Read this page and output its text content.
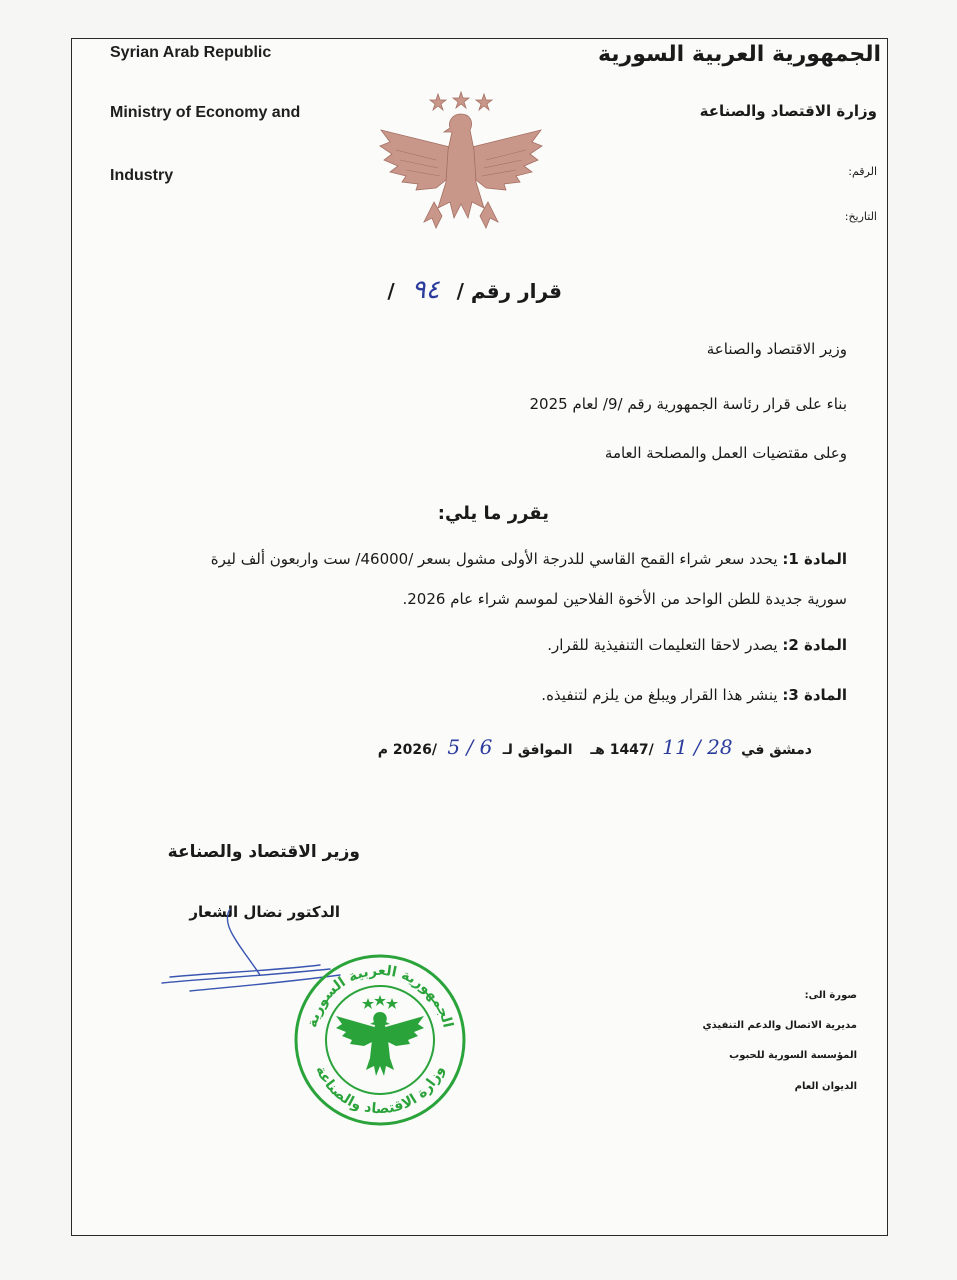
Syrian Arab Republic
Ministry of Economy and
Industry
الجمهورية العربية السورية
وزارة الاقتصاد والصناعة
الرقم:
التاريخ:
قرار رقم / ٩٤ /
وزير الاقتصاد والصناعة
بناء على قرار رئاسة الجمهورية رقم /9/ لعام 2025
وعلى مقتضيات العمل والمصلحة العامة
يقرر ما يلي:
المادة 1: يحدد سعر شراء القمح القاسي للدرجة الأولى مشول بسعر /46000/ ست واربعون ألف ليرة
سورية جديدة للطن الواحد من الأخوة الفلاحين لموسم شراء عام 2026.
المادة 2: يصدر لاحقا التعليمات التنفيذية للقرار.
المادة 3: ينشر هذا القرار ويبلغ من يلزم لتنفيذه.
دمشق في 28 / 11 /1447 هـ    الموافق لـ 6 / 5 /2026 م
وزير الاقتصاد والصناعة
الدكتور نضال الشعار
الجمهورية العربية السورية
وزارة الاقتصاد والصناعة
صورة الى:
مديرية الاتصال والدعم التنفيذي
المؤسسة السورية للحبوب
الديوان العام
